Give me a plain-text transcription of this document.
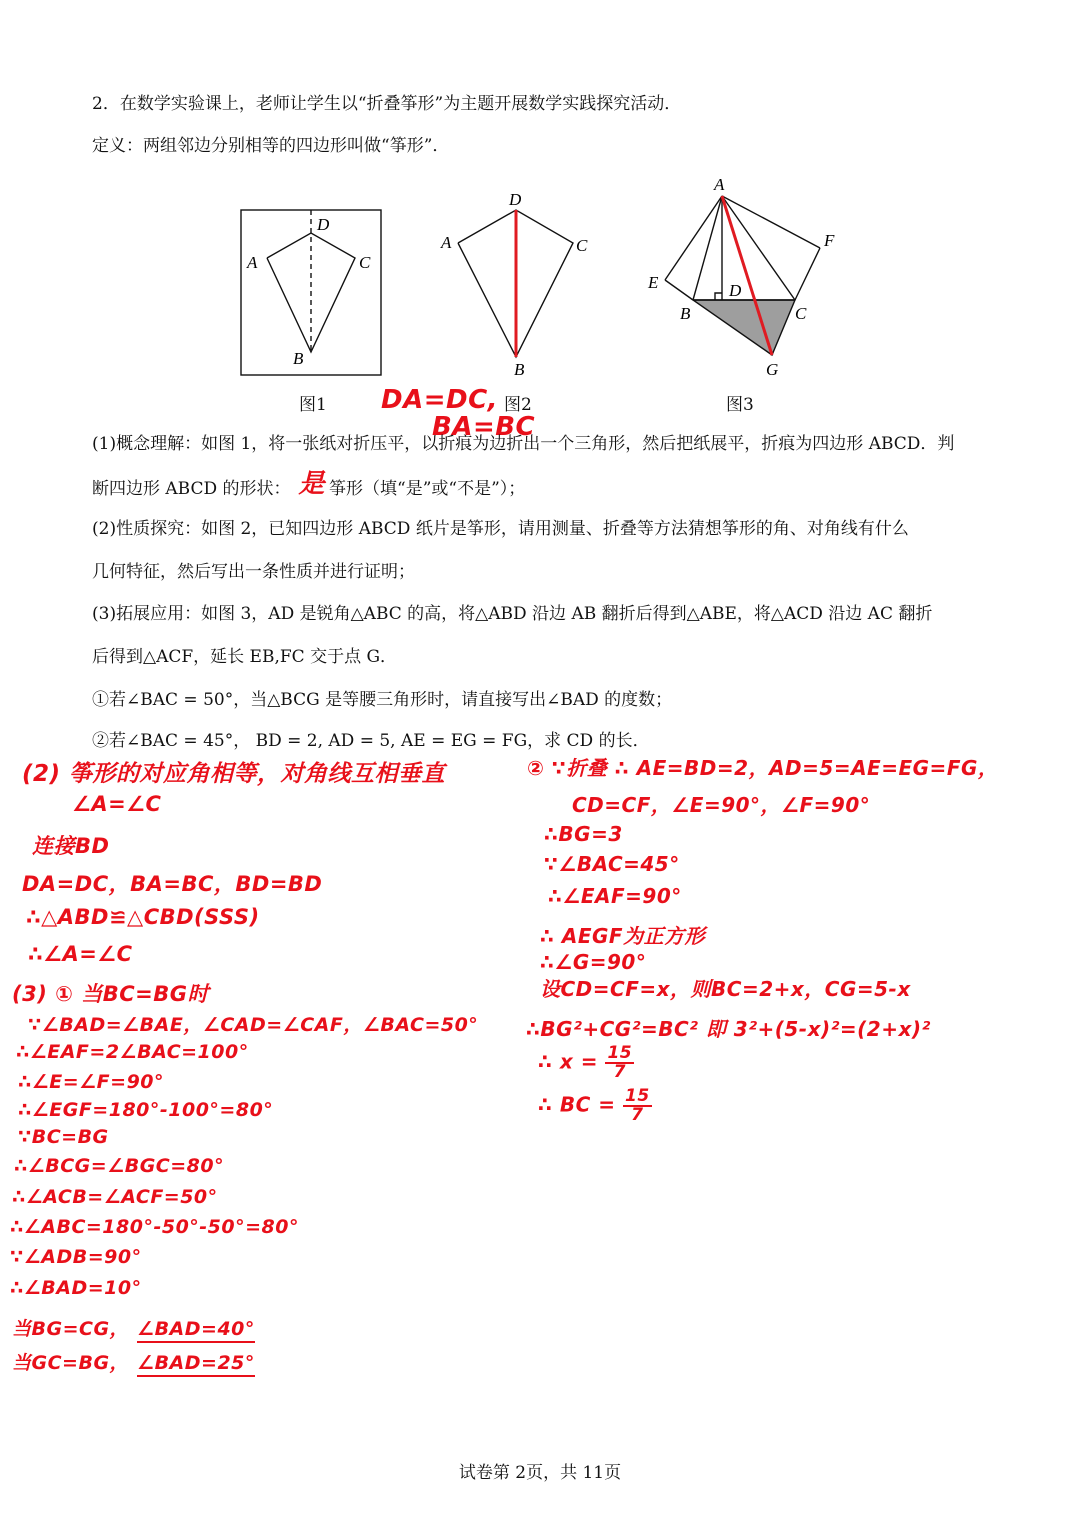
2．在数学实验课上，老师让学生以“折叠筝形”为主题开展数学实践探究活动．
定义：两组邻边分别相等的四边形叫做“筝形”．
D
A	C
B
D
A	C
B
A
F
E	D
B	C
G
图1	图2	图3
DA=DC,
BA=BC
(1)概念理解：如图 1，将一张纸对折压平，以折痕为边折出一个三角形，然后把纸展平，折痕为四边形 ABCD．判
断四边形 ABCD 的形状： 是 筝形（填“是”或“不是”）；
(2)性质探究：如图 2，已知四边形 ABCD 纸片是筝形，请用测量、折叠等方法猜想筝形的角、对角线有什么
几何特征，然后写出一条性质并进行证明；
(3)拓展应用：如图 3，AD 是锐角△ABC 的高，将△ABD 沿边 AB 翻折后得到△ABE，将△ACD 沿边 AC 翻折
后得到△ACF，延长 EB,FC 交于点 G．
①若∠BAC = 50°，当△BCG 是等腰三角形时，请直接写出∠BAD 的度数；
②若∠BAC = 45°， BD = 2, AD = 5, AE = EG = FG，求 CD 的长．
(2) 筝形的对应角相等，对角线互相垂直
∠A=∠C
连接BD
DA=DC，BA=BC，BD=BD
∴△ABD≌△CBD(SSS)
∴∠A=∠C
(3) ① 当BC=BG时
∵∠BAD=∠BAE，∠CAD=∠CAF，∠BAC=50°
∴∠EAF=2∠BAC=100°
∴∠E=∠F=90°
∴∠EGF=180°-100°=80°
∵BC=BG
∴∠BCG=∠BGC=80°
∴∠ACB=∠ACF=50°
∴∠ABC=180°-50°-50°=80°
∵∠ADB=90°
∴∠BAD=10°
当BG=CG， ∠BAD=40°
当GC=BG， ∠BAD=25°
② ∵折叠 ∴ AE=BD=2，AD=5=AE=EG=FG，
CD=CF，∠E=90°，∠F=90°
∴BG=3
∵∠BAC=45°
∴∠EAF=90°
∴ AEGF为正方形
∴∠G=90°
设CD=CF=x，则BC=2+x，CG=5-x
∴BG²+CG²=BC² 即 3²+(5-x)²=(2+x)²
∴ $x = \frac{15}{7}$
∴ BC = $\frac{15}{7}$
试卷第 2页，共 11页
